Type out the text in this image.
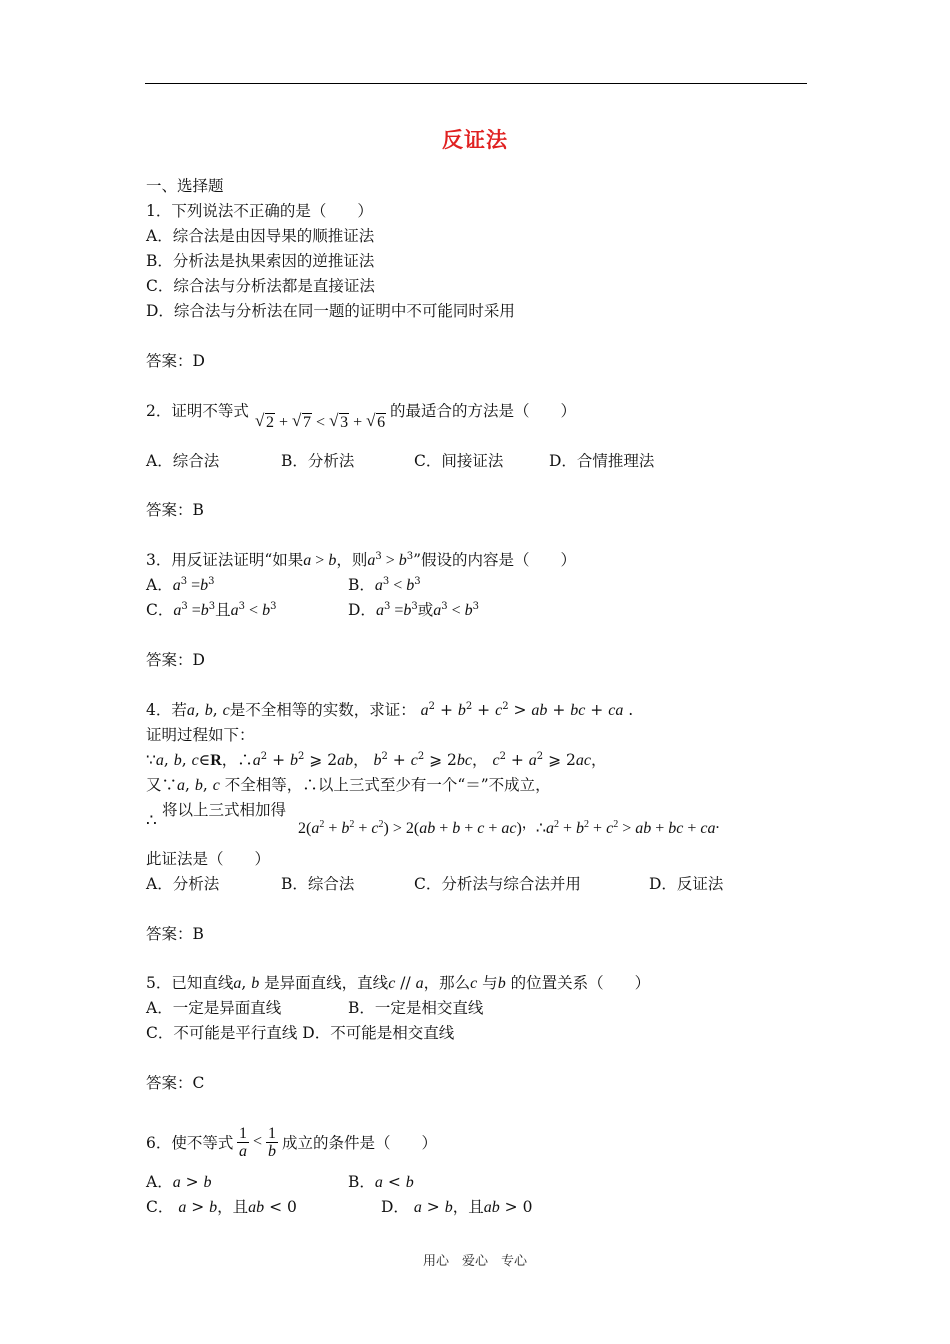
反证法
一、选择题
1．下列说法不正确的是（　　）
A．综合法是由因导果的顺推证法
B．分析法是执果索因的逆推证法
C．综合法与分析法都是直接证法
D．综合法与分析法在同一题的证明中不可能同时采用
答案：D
2．证明不等式 √ 2 + √ 7 < √ 3 + √ 6
的最适合的方法是（　　）
A．综合法	B．分析法	C．间接证法	D．合情推理法
答案：B
3．用反证法证明“如果a > b，则$a^3 > b^3$”假设的内容是（　　）
A．$a^3 =b^3$	B．$a^3 < b^3$
C．$a^3 =b^3$且$a^3 < b^3$	D．$a^3 =b^3$或$a^3 < b^3$
答案：D
4．若a, b, c是不全相等的实数，求证： $a^2 + b^2 + c^2$ > ab + bc + ca .
证明过程如下：
∵a, b, c∈R，$\therefore a^2 + b^2$ ⩾ 2ab， $b^2 + c^2$ ⩾ 2bc， $c^2 + a^2$ ⩾ 2ac，
又∵a, b, c 不全相等，∴以上三式至少有一个“＝”不成立，
∴
将以上三式相加得
$2(a^2 + b^2 + c^2) > 2(ab + b + c + ac)$，$\therefore a^2 + b^2 + c^2$ > ab + bc + ca.
此证法是（　　）
A．分析法	B．综合法	C．分析法与综合法并用	D．反证法
答案：B
5．已知直线a, b 是异面直线，直线c // a，那么c 与b 的位置关系（　　）
A．一定是异面直线	B．一定是相交直线
C．不可能是平行直线 D．不可能是相交直线
答案：C
6．使不等式 $\frac{1}{a} < \frac{1}{b}$ 成立的条件是（　　）
A．a > b	B．a < b
C． a > b，且ab < 0	D． a > b，且ab > 0
用心　爱心　专心
